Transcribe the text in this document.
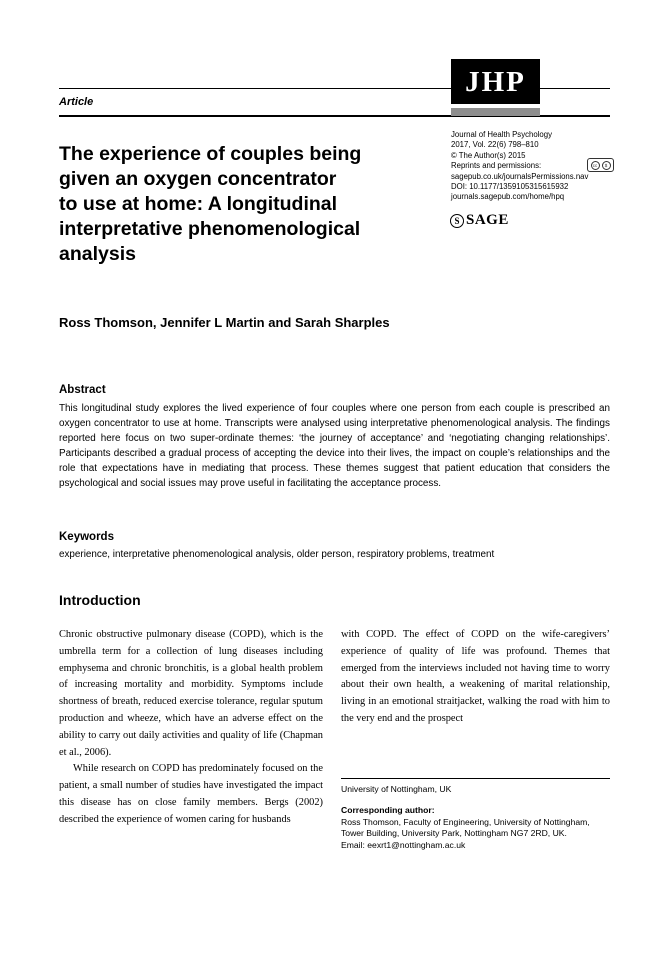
Article
JHP
The experience of couples being
given an oxygen concentrator
to use at home: A longitudinal
interpretative phenomenological
analysis
Journal of Health Psychology
2017, Vol. 22(6) 798–810
© The Author(s) 2015
Reprints and permissions:
sagepub.co.uk/journalsPermissions.nav
DOI: 10.1177/1359105315615932
journals.sagepub.com/home/hpq
cc	$
S SAGE
Ross Thomson, Jennifer L Martin and Sarah Sharples
Abstract
This longitudinal study explores the lived experience of four couples where one person from each couple is prescribed an oxygen concentrator to use at home. Transcripts were analysed using interpretative phenomenological analysis. The findings reported here focus on two super-ordinate themes: ‘the journey of acceptance’ and ‘negotiating changing relationships’. Participants described a gradual process of accepting the device into their lives, the impact on couple’s relationships and the role that expectations have in mediating that process. These themes suggest that patient education that considers the psychological and social issues may prove useful in facilitating the acceptance process.
Keywords
experience, interpretative phenomenological analysis, older person, respiratory problems, treatment
Introduction

Chronic obstructive pulmonary disease (COPD), which is the umbrella term for a collection of lung diseases including emphysema and chronic bronchitis, is a global health problem of increasing mortality and morbidity. Symptoms include shortness of breath, reduced exercise tolerance, regular sputum production and wheeze, which have an adverse effect on the ability to carry out daily activities and quality of life (Chapman et al., 2006).

While research on COPD has predominately focused on the patient, a small number of studies have investigated the impact this disease has on close family members. Bergs (2002) described the experience of women caring for husbands

with COPD. The effect of COPD on the wife-caregivers’ experience of quality of life was profound. Themes that emerged from the interviews included not having time to worry about their own health, a weakening of marital relationship, living in an emotional straitjacket, walking the road with him to the very end and the prospect

University of Nottingham, UK
Corresponding author:
Ross Thomson, Faculty of Engineering, University of Nottingham, Tower Building, University Park, Nottingham NG7 2RD, UK.
Email: eexrt1@nottingham.ac.uk
